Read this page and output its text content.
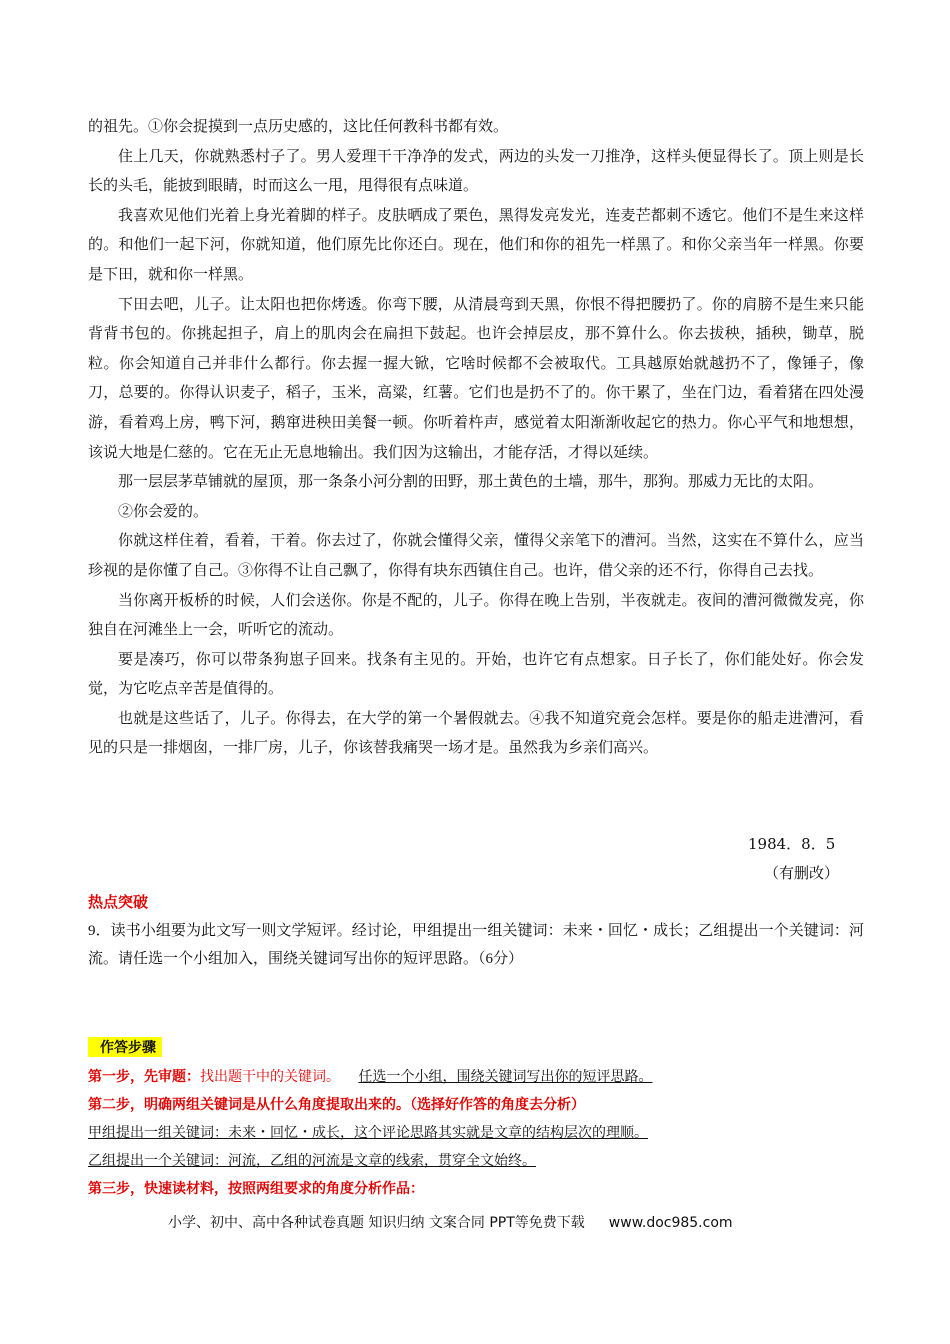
的祖先。①你会捉摸到一点历史感的，这比任何教科书都有效。

住上几天，你就熟悉村子了。男人爱理干干净净的发式，两边的头发一刀推净，这样头便显得长了。顶上则是长长的头毛，能披到眼睛，时而这么一甩，甩得很有点味道。

我喜欢见他们光着上身光着脚的样子。皮肤晒成了栗色，黑得发亮发光，连麦芒都刺不透它。他们不是生来这样的。和他们一起下河，你就知道，他们原先比你还白。现在，他们和你的祖先一样黑了。和你父亲当年一样黑。你要是下田，就和你一样黑。

下田去吧，儿子。让太阳也把你烤透。你弯下腰，从清晨弯到天黑，你恨不得把腰扔了。你的肩膀不是生来只能背背书包的。你挑起担子，肩上的肌肉会在扁担下鼓起。也许会掉层皮，那不算什么。你去拔秧，插秧，锄草，脱粒。你会知道自己并非什么都行。你去握一握大锨，它啥时候都不会被取代。工具越原始就越扔不了，像锤子，像刀，总要的。你得认识麦子，稻子，玉米，高粱，红薯。它们也是扔不了的。你干累了，坐在门边，看着猪在四处漫游，看着鸡上房，鸭下河，鹅窜进秧田美餐一顿。你听着杵声，感觉着太阳渐渐收起它的热力。你心平气和地想想，该说大地是仁慈的。它在无止无息地输出。我们因为这输出，才能存活，才得以延续。

那一层层茅草铺就的屋顶，那一条条小河分割的田野，那土黄色的土墙，那牛，那狗。那威力无比的太阳。

②你会爱的。

你就这样住着，看着，干着。你去过了，你就会懂得父亲，懂得父亲笔下的漕河。当然，这实在不算什么，应当珍视的是你懂了自己。③你得不让自己飘了，你得有块东西镇住自己。也许，借父亲的还不行，你得自己去找。

当你离开板桥的时候，人们会送你。你是不配的，儿子。你得在晚上告别，半夜就走。夜间的漕河微微发亮，你独自在河滩坐上一会，听听它的流动。

要是凑巧，你可以带条狗崽子回来。找条有主见的。开始，也许它有点想家。日子长了，你们能处好。你会发觉，为它吃点辛苦是值得的。

也就是这些话了，儿子。你得去，在大学的第一个暑假就去。④我不知道究竟会怎样。要是你的船走进漕河，看见的只是一排烟囱，一排厂房，儿子，你该替我痛哭一场才是。虽然我为乡亲们高兴。

1984．8．5
（有删改）
热点突破
9．读书小组要为此文写一则文学短评。经讨论，甲组提出一组关键词：未来・回忆・成长；乙组提出一个关键词：河流。请任选一个小组加入，围绕关键词写出你的短评思路。（6分）
作答步骤
第一步，先审题：找出题干中的关键词。 任选一个小组，围绕关键词写出你的短评思路。
第二步，明确两组关键词是从什么角度提取出来的。（选择好作答的角度去分析）
甲组提出一组关键词：未来・回忆・成长，这个评论思路其实就是文章的结构层次的理顺。
乙组提出一个关键词：河流，乙组的河流是文章的线索，贯穿全文始终。
第三步，快速读材料，按照两组要求的角度分析作品：
小学、初中、高中各种试卷真题 知识归纳 文案合同 PPT等免费下载 www.doc985.com
